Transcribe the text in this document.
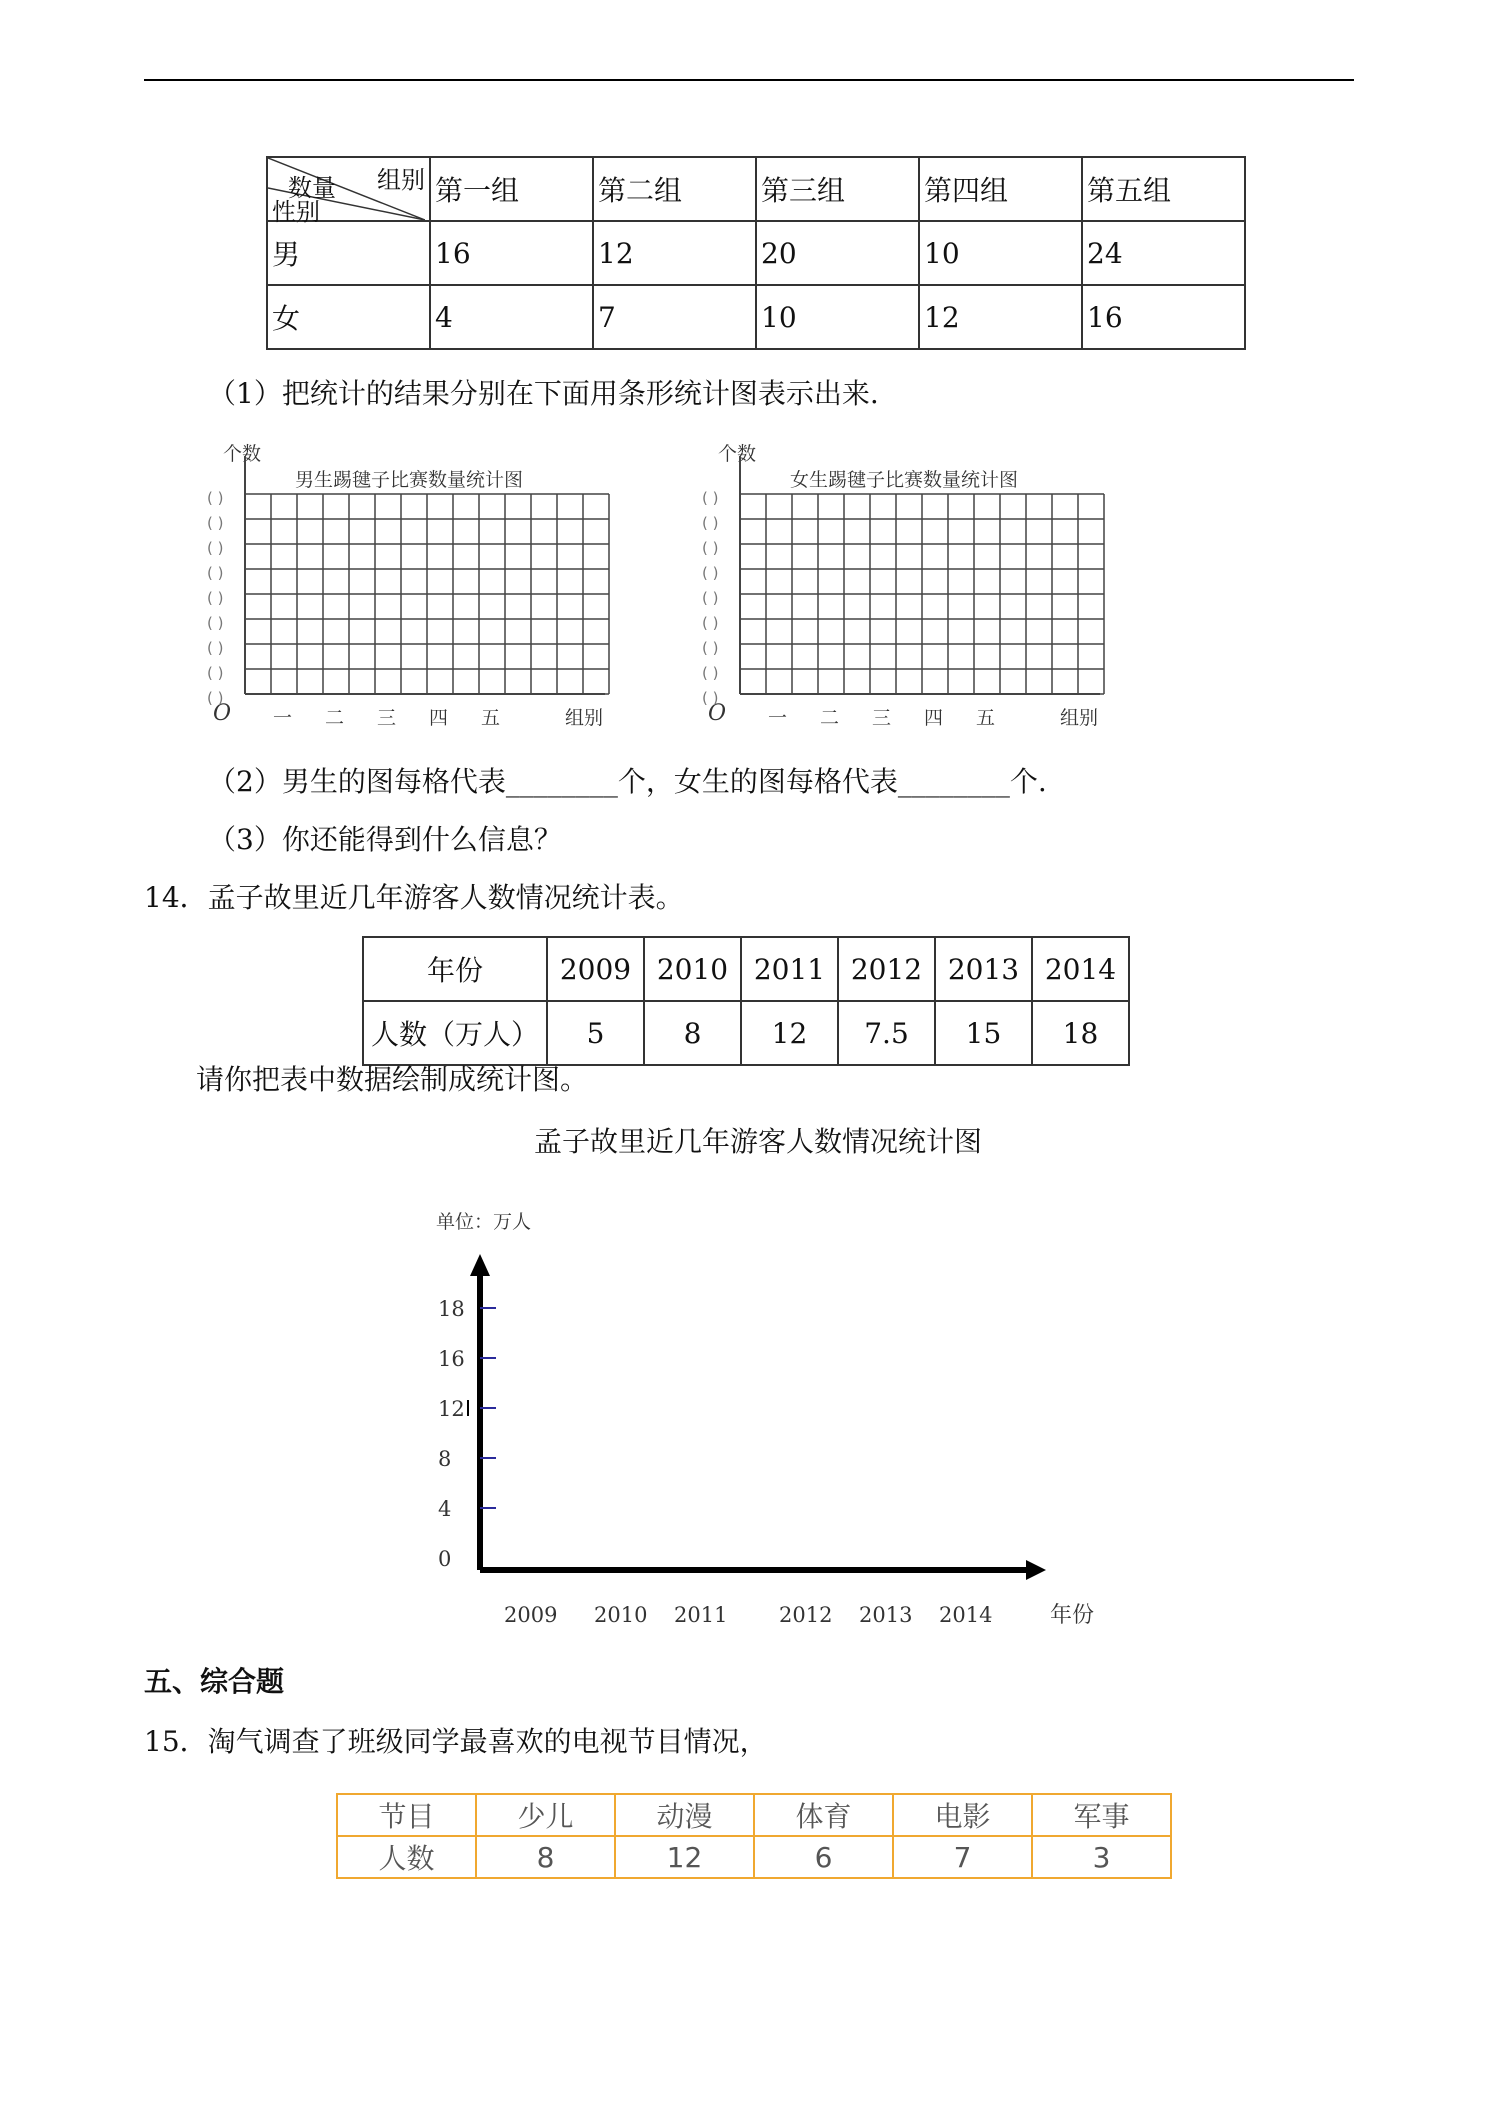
组别
数量
性别	第一组	第二组	第三组	第四组	第五组
男	16	12	20	10	24
女	4	7	10	12	16
（1）把统计的结果分别在下面用条形统计图表示出来.
个数
男生踢毽子比赛数量统计图
O
( )
( )
( )
( )
( )
( )
( )
( )
( )
一 二 三 四 五	组别
个数
女生踢毽子比赛数量统计图
O
( )
( )
( )
( )
( )
( )
( )
( )
( )
一 二 三 四 五	组别
（2）男生的图每格代表________个，女生的图每格代表________个.
（3）你还能得到什么信息？
14．孟子故里近几年游客人数情况统计表。
年份	2009	2010	2011	2012	2013	2014
人数（万人）	5	8	12	7.5	15	18
请你把表中数据绘制成统计图。
孟子故里近几年游客人数情况统计图
单位：万人
0
4
8
12
16
18
2009 2010 2011 2012 2013 2014	年份
五、综合题
15．淘气调查了班级同学最喜欢的电视节目情况，
节目	少儿	动漫	体育	电影	军事
人数	8	12	6	7	3
